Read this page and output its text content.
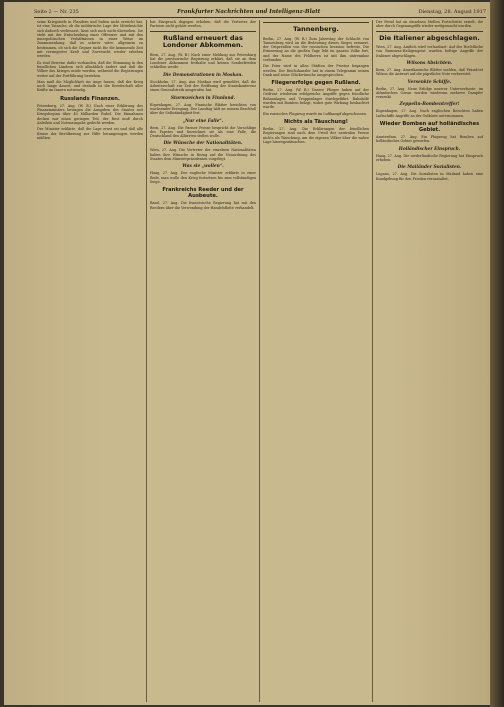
Seite 2 — Nr. 235	Frankfurter Nachrichten und Intelligenz-Blatt	Dienstag, 28. August 1917

seine Kriegsziele in Flandern und Italien nicht erreicht hat, ist eine Tatsache; ob die militärische Lage der Mittelmächte sich dadurch verbessert, lässt sich noch nicht übersehen. Sie steht mit der Entscheidung einer Offensive und mit den innerpolitischen Verhältnissen in einer Weise im Zusammenhang, daß es schwer wäre, allgemein zu bestimmen, ob sich die Gegner nicht für die kommende Zeit mit verringerter Kraft und Zuversicht wieder erheben werden.

Es sind Beweise dafür vorhanden, daß die Stimmung in den feindlichen Ländern sich allmählich ändert und daß die Völker des Krieges müde werden, während die Regierungen weiter auf der Fortführung bestehen.

Man muß die Möglichkeit ins Auge fassen, daß der Krieg noch lange dauert, und deshalb ist die Bereitschaft aller Kräfte im Innern notwendig.

Russlands Finanzen.

Petersburg, 27. Aug. (W. B.) Nach einer Erklärung des Finanzministers betragen die Ausgaben des Staates seit Kriegsbeginn über 40 Milliarden Rubel. Die Einnahmen decken nur einen geringen Teil, der Rest muß durch Anleihen und Notenausgabe gedeckt werden.

Der Minister erklärte, daß die Lage ernst sei und daß alle Kreise der Bevölkerung zur Hilfe herangezogen werden müßten.

hat Einspruch dagegen erhoben, daß die Vertreter der Parteien nicht gehört werden.

Rußland erneuert das Londoner Abkommen.

Bern, 27. Aug. (W. B.) Nach einer Meldung aus Petersburg hat die provisorische Regierung erklärt, daß sie an dem Londoner Abkommen festhalte und keinen Sonderfrieden schließen werde.

Die Demonstrationen in Moskau.

Stockholm, 27. Aug. Aus Moskau wird gemeldet, daß die Arbeiterschaft zur Zeit der Eröffnung der Staatskonferenz einen Generalstreik ausgerufen hat.

Sturmzeichen in Finnland.

Kopenhagen, 27. Aug. Finnische Blätter berichten von wachsender Erregung. Der Landtag hält an seinem Beschluß über die Selbständigkeit fest.

„Nur eine Falle“.

Bern, 27. Aug. Die Pariser Presse bespricht die Vorschläge des Papstes und bezeichnet sie als eine Falle, die Deutschland den Alliierten stellen wolle.

Die Wünsche der Nationalitäten.

Wien, 27. Aug. Die Vertreter der einzelnen Nationalitäten haben ihre Wünsche in Bezug auf die Neuordnung des Staates dem Ministerpräsidenten vorgelegt.

Was sie „wollen“.

Haag, 27. Aug. Der englische Minister erklärte in einer Rede, man wolle den Krieg fortsetzen bis zum vollständigen Siege.

Frankreichs Reeder und der Ausbeute.

Basel, 27. Aug. Die französische Regierung hat mit den Reedern über die Verwendung der Handelsflotte verhandelt.

Tannenberg.

Berlin, 27. Aug. (W. B.) Zum Jahrestag der Schlacht von Tannenberg wird an die Bedeutung dieses Sieges erinnert, der Ostpreußen von der russischen Invasion befreite. Die Erinnerung an die großen Tage lebt im ganzen Volke fort, und der Name des Feldherrn ist mit ihm untrennbar verbunden.

Die Feier wird in allen Städten der Provinz begangen werden. Der Reichskanzler hat in einem Telegramm seinen Dank und seine Glückwünsche ausgesprochen.

Fliegererfolge gegen Rußland.

Berlin, 27. Aug. (W. B.) Unsere Flieger haben auf der Ostfront wiederum erfolgreiche Angriffe gegen feindliche Bahnanlagen und Truppenlager durchgeführt. Bahnhöfe wurden mit Bomben belegt, wobei gute Wirkung beobachtet wurde.

Ein russisches Flugzeug wurde im Luftkampf abgeschossen.

Nichts als Täuschung!

Berlin, 27. Aug. Die Erklärungen der feindlichen Regierungen sind nach dem Urteil der neutralen Presse nichts als Täuschung, um die eigenen Völker über die wahre Lage hinwegzutäuschen.

Der Feind hat an einzelnen Stellen Fortschritte erzielt, die aber durch Gegenangriffe wieder wettgemacht wurden.

Die Italiener abgeschlagen.

Wien, 27. Aug. Amtlich wird verlautbart: Auf der Hochfläche von Bainsizza-Heiligengeist wurden heftige Angriffe der Italiener abgeschlagen.

Wilsons Absichten.

Bern, 27. Aug. Amerikanische Blätter melden, daß Präsident Wilson die Antwort auf die päpstliche Note vorbereitet.

Versenkte Schiffe.

Berlin, 27. Aug. Neue Erfolge unserer Unterseeboote: im Atlantischen Ozean wurden wiederum mehrere Dampfer versenkt.

Zeppelin-Bombentreffer!

Kopenhagen, 27. Aug. Nach englischen Berichten haben Luftschiffe Angriffe an der Ostküste unternommen.

Wieder Bomben auf holländisches Gebiet.

Amsterdam, 27. Aug. Ein Flugzeug hat Bomben auf holländisches Gebiet geworfen.

Holländischer Einspruch.

Haag, 27. Aug. Die niederländische Regierung hat Einspruch erhoben.

Die Mailänder Sozialisten.

Lugano, 27. Aug. Die Sozialisten in Mailand haben eine Kundgebung für den Frieden veranstaltet.
